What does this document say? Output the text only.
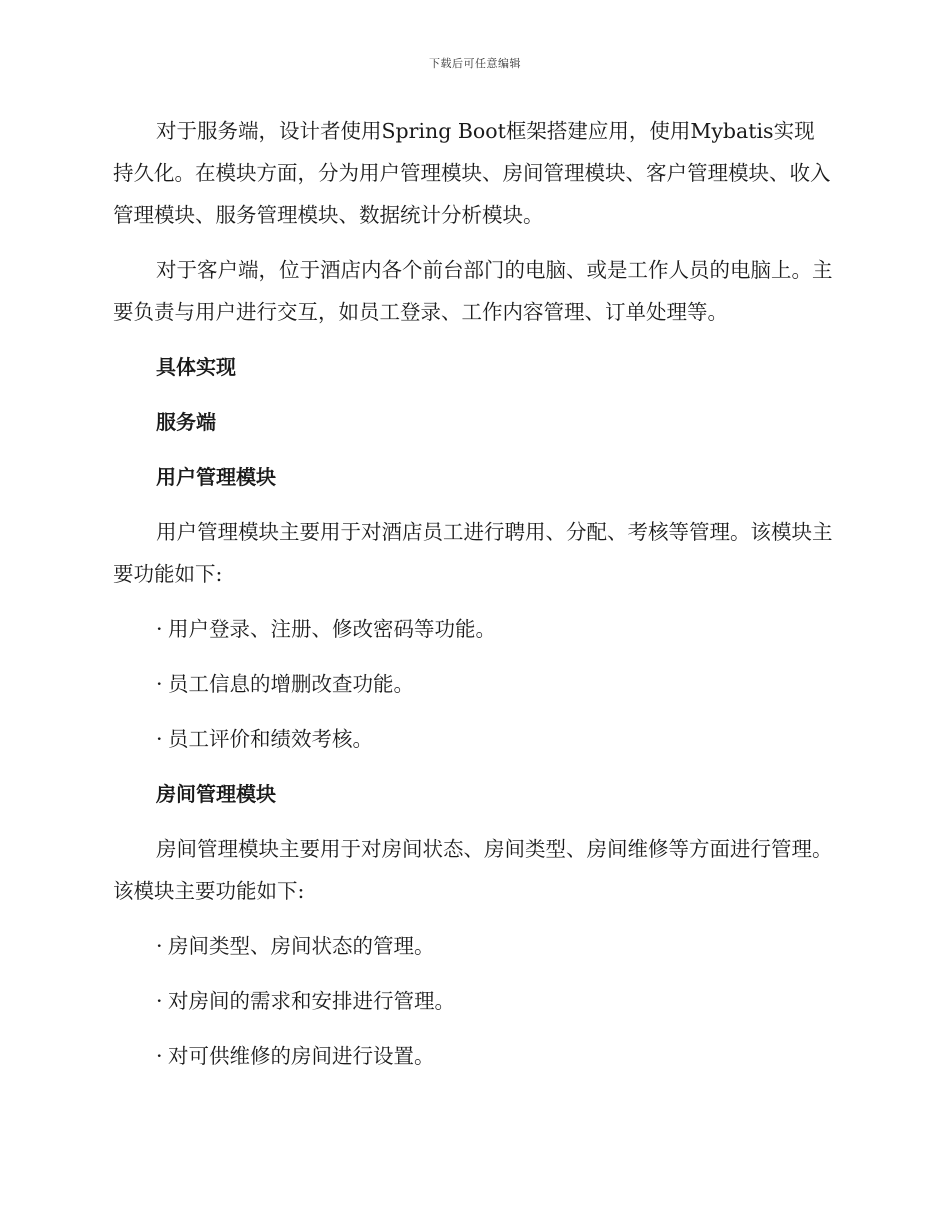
下载后可任意编辑

对于服务端，设计者使用Spring Boot框架搭建应用，使用Mybatis实现持久化。在模块方面，分为用户管理模块、房间管理模块、客户管理模块、收入管理模块、服务管理模块、数据统计分析模块。

对于客户端，位于酒店内各个前台部门的电脑、或是工作人员的电脑上。主要负责与用户进行交互，如员工登录、工作内容管理、订单处理等。

具体实现
服务端
用户管理模块

用户管理模块主要用于对酒店员工进行聘用、分配、考核等管理。该模块主要功能如下:

· 用户登录、注册、修改密码等功能。
· 员工信息的增删改查功能。
· 员工评价和绩效考核。
房间管理模块

房间管理模块主要用于对房间状态、房间类型、房间维修等方面进行管理。该模块主要功能如下:

· 房间类型、房间状态的管理。
· 对房间的需求和安排进行管理。
· 对可供维修的房间进行设置。
